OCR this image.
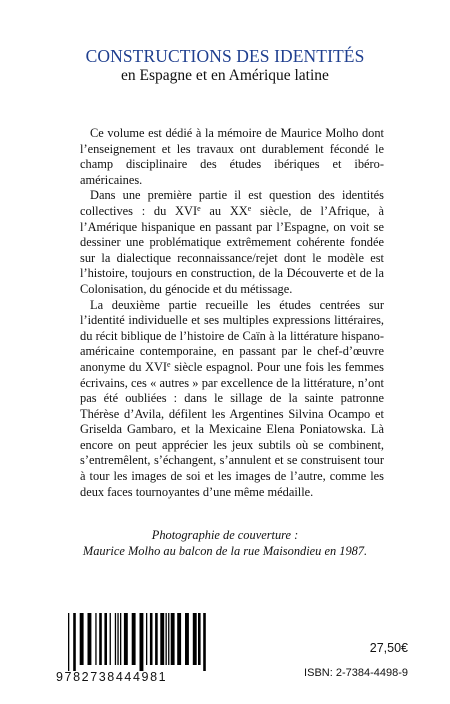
CONSTRUCTIONS DES IDENTITÉS
en Espagne et en Amérique latine

Ce volume est dédié à la mémoire de Maurice Molho dont l’enseignement et les travaux ont durablement fécondé le champ disciplinaire des études ibériques et ibéro-américaines.

Dans une première partie il est question des identités collectives : du XVIe au XXe siècle, de l’Afrique, à l’Amérique hispanique en passant par l’Espagne, on voit se dessiner une problématique extrêmement cohérente fondée sur la dialectique reconnaissance/rejet dont le modèle est l’histoire, toujours en construction, de la Découverte et de la Colonisation, du génocide et du métissage.

La deuxième partie recueille les études centrées sur l’identité individuelle et ses multiples expressions littéraires, du récit biblique de l’histoire de Caïn à la littérature hispano-américaine contemporaine, en passant par le chef-d’œuvre anonyme du XVIe siècle espagnol. Pour une fois les femmes écrivains, ces « autres » par excellence de la littérature, n’ont pas été oubliées : dans le sillage de la sainte patronne Thérèse d’Avila, défilent les Argentines Silvina Ocampo et Griselda Gambaro, et la Mexicaine Elena Poniatowska. Là encore on peut apprécier les jeux subtils où se combinent, s’entremêlent, s’échangent, s’annulent et se construisent tour à tour les images de soi et les images de l’autre, comme les deux faces tournoyantes d’une même médaille.

Photographie de couverture :
Maurice Molho au balcon de la rue Maisondieu en 1987.
9782738444981
27,50€
ISBN: 2-7384-4498-9
